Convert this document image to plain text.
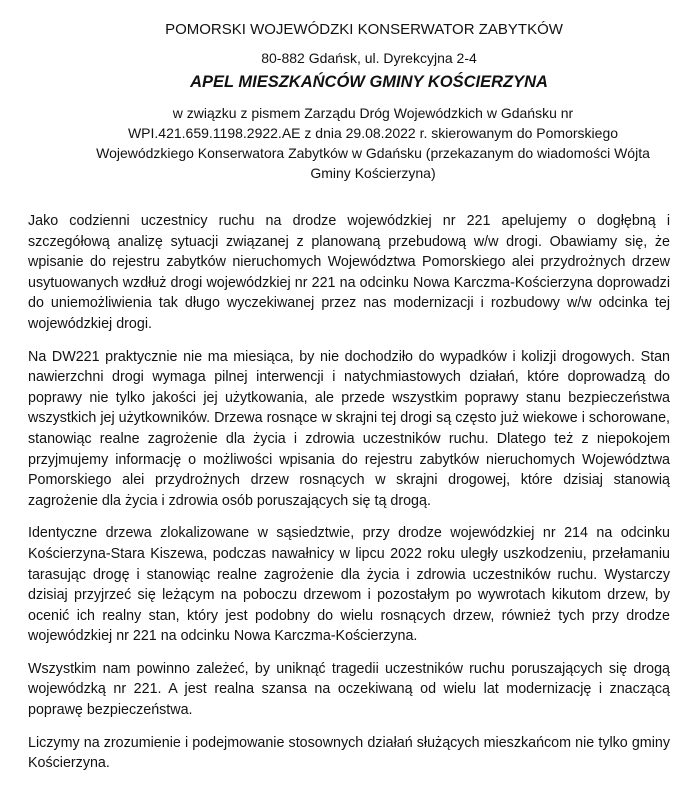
POMORSKI WOJEWÓDZKI KONSERWATOR ZABYTKÓW
80-882 Gdańsk, ul. Dyrekcyjna 2-4
APEL MIESZKAŃCÓW GMINY KOŚCIERZYNA
w związku z pismem Zarządu Dróg Wojewódzkich w Gdańsku nr
WPI.421.659.1198.2922.AE z dnia 29.08.2022 r. skierowanym do Pomorskiego
Wojewódzkiego Konserwatora Zabytków w Gdańsku (przekazanym do wiadomości Wójta
Gminy Kościerzyna)

Jako codzienni uczestnicy ruchu na drodze wojewódzkiej nr 221 apelujemy o dogłębną i szczegółową analizę sytuacji związanej z planowaną przebudową w/w drogi. Obawiamy się, że wpisanie do rejestru zabytków nieruchomych Województwa Pomorskiego alei przydrożnych drzew usytuowanych wzdłuż drogi wojewódzkiej nr 221 na odcinku Nowa Karczma-Kościerzyna doprowadzi do uniemożliwienia tak długo wyczekiwanej przez nas modernizacji i rozbudowy w/w odcinka tej wojewódzkiej drogi.

Na DW221 praktycznie nie ma miesiąca, by nie dochodziło do wypadków i kolizji drogowych. Stan nawierzchni drogi wymaga pilnej interwencji i natychmiastowych działań, które doprowadzą do poprawy nie tylko jakości jej użytkowania, ale przede wszystkim poprawy stanu bezpieczeństwa wszystkich jej użytkowników. Drzewa rosnące w skrajni tej drogi są często już wiekowe i schorowane, stanowiąc realne zagrożenie dla życia i zdrowia uczestników ruchu. Dlatego też z niepokojem przyjmujemy informację o możliwości wpisania do rejestru zabytków nieruchomych Województwa Pomorskiego alei przydrożnych drzew rosnących w skrajni drogowej, które dzisiaj stanowią zagrożenie dla życia i zdrowia osób poruszających się tą drogą.

Identyczne drzewa zlokalizowane w sąsiedztwie, przy drodze wojewódzkiej nr 214 na odcinku Kościerzyna-Stara Kiszewa, podczas nawałnicy w lipcu 2022 roku uległy uszkodzeniu, przełamaniu tarasując drogę i stanowiąc realne zagrożenie dla życia i zdrowia uczestników ruchu. Wystarczy dzisiaj przyjrzeć się leżącym na poboczu drzewom i pozostałym po wywrotach kikutom drzew, by ocenić ich realny stan, który jest podobny do wielu rosnących drzew, również tych przy drodze wojewódzkiej nr 221 na odcinku Nowa Karczma-Kościerzyna.

Wszystkim nam powinno zależeć, by uniknąć tragedii uczestników ruchu poruszających się drogą wojewódzką nr 221. A jest realna szansa na oczekiwaną od wielu lat modernizację i znaczącą poprawę bezpieczeństwa.

Liczymy na zrozumienie i podejmowanie stosownych działań służących mieszkańcom nie tylko gminy Kościerzyna.
